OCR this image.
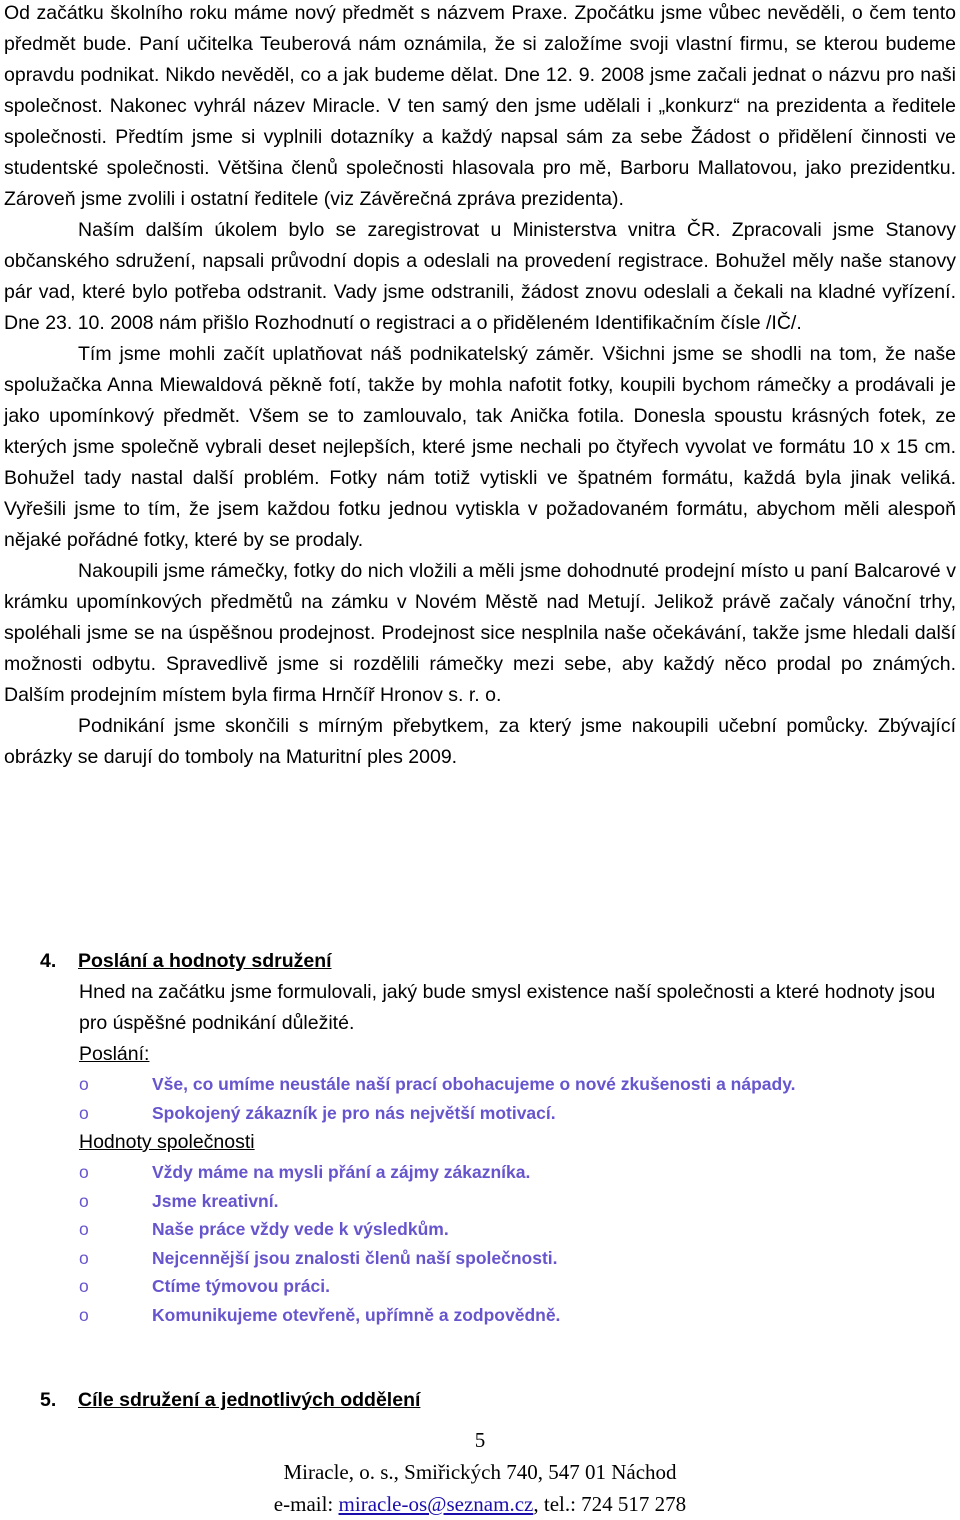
Od začátku školního roku máme nový předmět s názvem Praxe. Zpočátku jsme vůbec nevěděli, o čem tento předmět bude. Paní učitelka Teuberová nám oznámila, že si založíme svoji vlastní firmu, se kterou budeme opravdu podnikat. Nikdo nevěděl, co a jak budeme dělat. Dne 12. 9. 2008 jsme začali jednat o názvu pro naši společnost. Nakonec vyhrál název Miracle. V ten samý den jsme udělali i „konkurz“ na prezidenta a ředitele společnosti. Předtím jsme si vyplnili dotazníky a každý napsal sám za sebe Žádost o přidělení činnosti ve studentské společnosti. Většina členů společnosti hlasovala pro mě, Barboru Mallatovou, jako prezidentku. Zároveň jsme zvolili i ostatní ředitele (viz Závěrečná zpráva prezidenta).

Naším dalším úkolem bylo se zaregistrovat u Ministerstva vnitra ČR. Zpracovali jsme Stanovy občanského sdružení, napsali průvodní dopis a odeslali na provedení registrace. Bohužel měly naše stanovy pár vad, které bylo potřeba odstranit. Vady jsme odstranili, žádost znovu odeslali a čekali na kladné vyřízení. Dne 23. 10. 2008 nám přišlo Rozhodnutí o registraci a o přiděleném Identifikačním čísle /IČ/.

Tím jsme mohli začít uplatňovat náš podnikatelský záměr. Všichni jsme se shodli na tom, že naše spolužačka Anna Miewaldová pěkně fotí, takže by mohla nafotit fotky, koupili bychom rámečky a prodávali je jako upomínkový předmět. Všem se to zamlouvalo, tak Anička fotila. Donesla spoustu krásných fotek, ze kterých jsme společně vybrali deset nejlepších, které jsme nechali po čtyřech vyvolat ve formátu 10 x 15 cm. Bohužel tady nastal další problém. Fotky nám totiž vytiskli ve špatném formátu, každá byla jinak veliká. Vyřešili jsme to tím, že jsem každou fotku jednou vytiskla v požadovaném formátu, abychom měli alespoň nějaké pořádné fotky, které by se prodaly.

Nakoupili jsme rámečky, fotky do nich vložili a měli jsme dohodnuté prodejní místo u paní Balcarové v krámku upomínkových předmětů na zámku v Novém Městě nad Metují. Jelikož právě začaly vánoční trhy, spoléhali jsme se na úspěšnou prodejnost. Prodejnost sice nesplnila naše očekávání, takže jsme hledali další možnosti odbytu. Spravedlivě jsme si rozdělili rámečky mezi sebe, aby každý něco prodal po známých. Dalším prodejním místem byla firma Hrnčíř Hronov s. r. o.

Podnikání jsme skončili s mírným přebytkem, za který jsme nakoupili učební pomůcky. Zbývající obrázky se darují do tomboly na Maturitní ples 2009.

4. Poslání a hodnoty sdružení

Hned na začátku jsme formulovali, jaký bude smysl existence naší společnosti a které hodnoty jsou pro úspěšné podnikání důležité.

Poslání:

o	Vše, co umíme neustále naší prací obohacujeme o nové zkušenosti a nápady.
o	Spokojený zákazník je pro nás největší motivací.

Hodnoty společnosti

o	Vždy máme na mysli přání a zájmy zákazníka.
o	Jsme kreativní.
o	Naše práce vždy vede k výsledkům.
o	Nejcennější jsou znalosti členů naší společnosti.
o	Ctíme týmovou práci.
o	Komunikujeme otevřeně, upřímně a zodpovědně.
5. Cíle sdružení a jednotlivých oddělení
5
Miracle, o. s., Smiřických 740, 547 01 Náchod
e-mail: miracle-os@seznam.cz, tel.: 724 517 278
